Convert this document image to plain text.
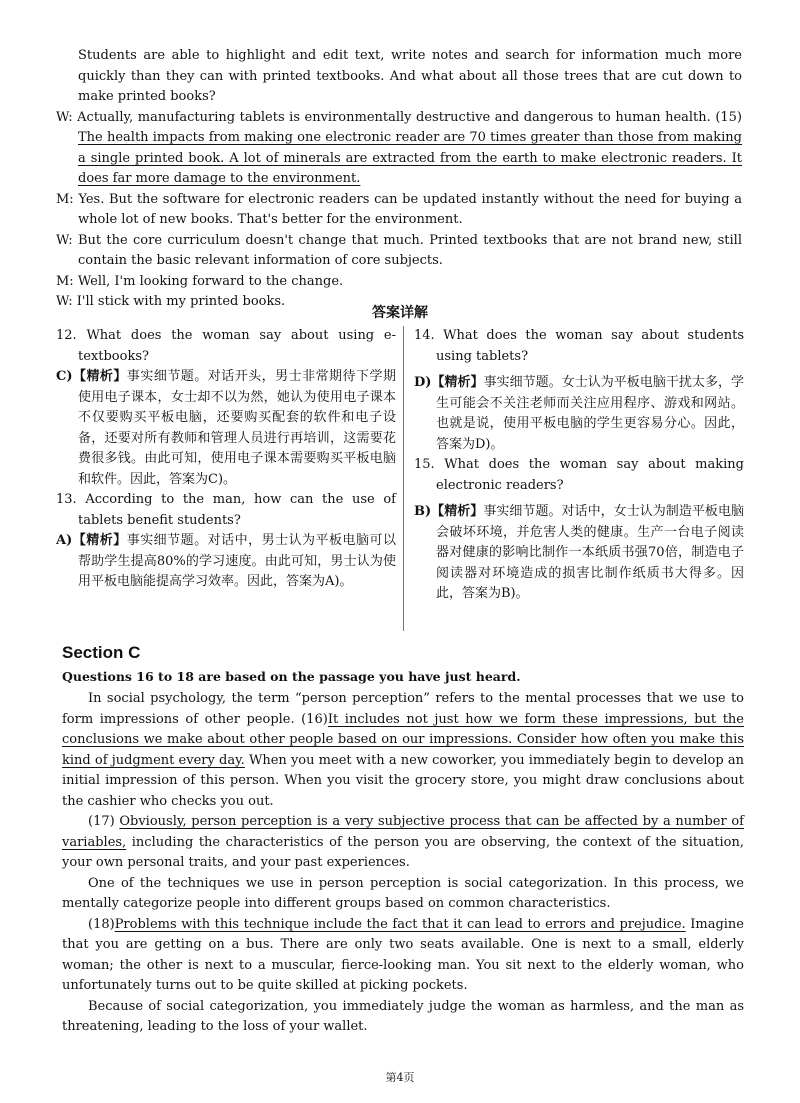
Students are able to highlight and edit text, write notes and search for information much more quickly than they can with printed textbooks. And what about all those trees that are cut down to make printed books?

W: Actually, manufacturing tablets is environmentally destructive and dangerous to human health. (15) The health impacts from making one electronic reader are 70 times greater than those from making a single printed book. A lot of minerals are extracted from the earth to make electronic readers. It does far more damage to the environment.

M: Yes. But the software for electronic readers can be updated instantly without the need for buying a whole lot of new books. That's better for the environment.

W: But the core curriculum doesn't change that much. Printed textbooks that are not brand new, still contain the basic relevant information of core subjects.

M: Well, I'm looking forward to the change.

W: I'll stick with my printed books.

答案详解

12. What does the woman say about using e-textbooks?

C)【精析】事实细节题。对话开头，男士非常期待下学期使用电子课本，女士却不以为然，她认为使用电子课本不仅要购买平板电脑，还要购买配套的软件和电子设备，还要对所有教师和管理人员进行再培训，这需要花费很多钱。由此可知，使用电子课本需要购买平板电脑和软件。因此，答案为C)。

13. According to the man, how can the use of tablets benefit students?

A)【精析】事实细节题。对话中，男士认为平板电脑可以帮助学生提高80%的学习速度。由此可知，男士认为使用平板电脑能提高学习效率。因此，答案为A)。

14. What does the woman say about students using tablets?

D)【精析】事实细节题。女士认为平板电脑干扰太多，学生可能会不关注老师而关注应用程序、游戏和网站。也就是说，使用平板电脑的学生更容易分心。因此，答案为D)。

15. What does the woman say about making electronic readers?

B)【精析】事实细节题。对话中，女士认为制造平板电脑会破坏环境，并危害人类的健康。生产一台电子阅读器对健康的影响比制作一本纸质书强70倍，制造电子阅读器对环境造成的损害比制作纸质书大得多。因此，答案为B)。

Section C
Questions 16 to 18 are based on the passage you have just heard.

In social psychology, the term “person perception” refers to the mental processes that we use to form impressions of other people. (16)It includes not just how we form these impressions, but the conclusions we make about other people based on our impressions. Consider how often you make this kind of judgment every day. When you meet with a new coworker, you immediately begin to develop an initial impression of this person. When you visit the grocery store, you might draw conclusions about the cashier who checks you out.

(17) Obviously, person perception is a very subjective process that can be affected by a number of variables, including the characteristics of the person you are observing, the context of the situation, your own personal traits, and your past experiences.

One of the techniques we use in person perception is social categorization. In this process, we mentally categorize people into different groups based on common characteristics.

(18)Problems with this technique include the fact that it can lead to errors and prejudice. Imagine that you are getting on a bus. There are only two seats available. One is next to a small, elderly woman; the other is next to a muscular, fierce-looking man. You sit next to the elderly woman, who unfortunately turns out to be quite skilled at picking pockets.

Because of social categorization, you immediately judge the woman as harmless, and the man as threatening, leading to the loss of your wallet.

第4页
